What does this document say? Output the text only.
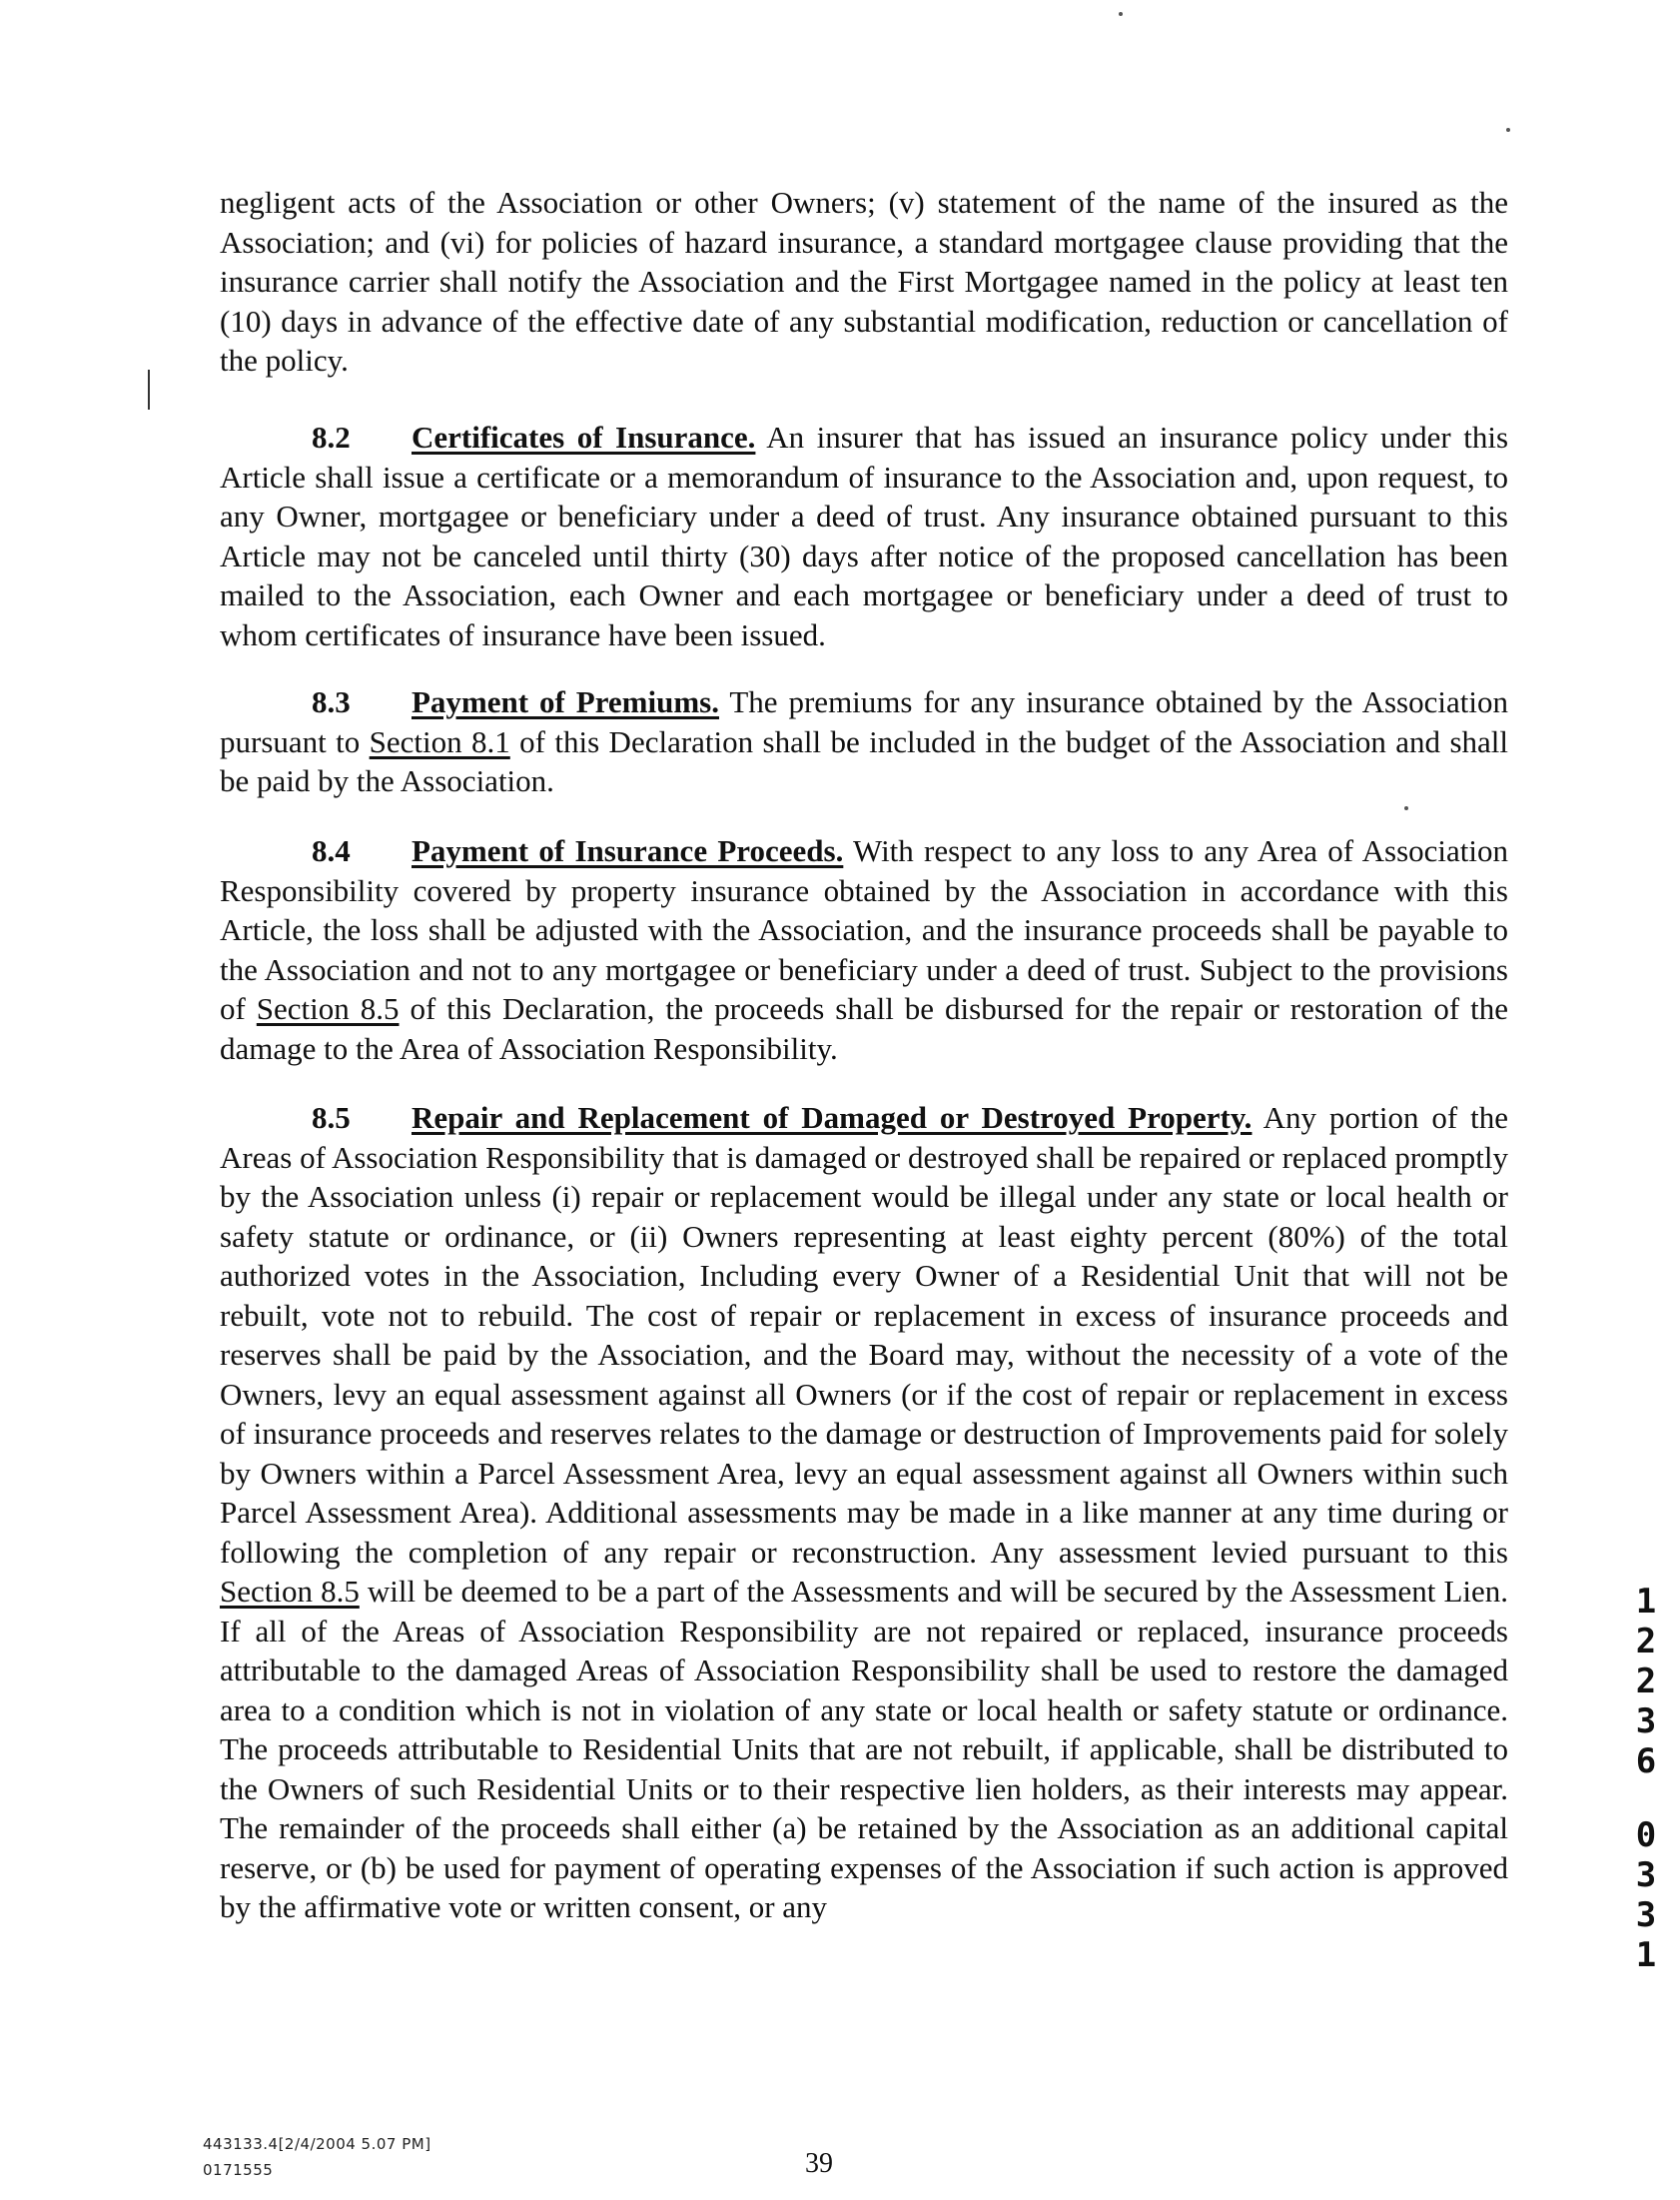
negligent acts of the Association or other Owners; (v) statement of the name of the insured as the Association; and (vi) for policies of hazard insurance, a standard mortgagee clause providing that the insurance carrier shall notify the Association and the First Mortgagee named in the policy at least ten (10) days in advance of the effective date of any substantial modification, reduction or cancellation of the policy.

8.2 Certificates of Insurance. An insurer that has issued an insurance policy under this Article shall issue a certificate or a memorandum of insurance to the Association and, upon request, to any Owner, mortgagee or beneficiary under a deed of trust. Any insurance obtained pursuant to this Article may not be canceled until thirty (30) days after notice of the proposed cancellation has been mailed to the Association, each Owner and each mortgagee or beneficiary under a deed of trust to whom certificates of insurance have been issued.

8.3 Payment of Premiums. The premiums for any insurance obtained by the Association pursuant to Section 8.1 of this Declaration shall be included in the budget of the Association and shall be paid by the Association.

8.4 Payment of Insurance Proceeds. With respect to any loss to any Area of Association Responsibility covered by property insurance obtained by the Association in accordance with this Article, the loss shall be adjusted with the Association, and the insurance proceeds shall be payable to the Association and not to any mortgagee or beneficiary under a deed of trust. Subject to the provisions of Section 8.5 of this Declaration, the proceeds shall be disbursed for the repair or restoration of the damage to the Area of Association Responsibility.

8.5 Repair and Replacement of Damaged or Destroyed Property. Any portion of the Areas of Association Responsibility that is damaged or destroyed shall be repaired or replaced promptly by the Association unless (i) repair or replacement would be illegal under any state or local health or safety statute or ordinance, or (ii) Owners representing at least eighty percent (80%) of the total authorized votes in the Association, Including every Owner of a Residential Unit that will not be rebuilt, vote not to rebuild. The cost of repair or replacement in excess of insurance proceeds and reserves shall be paid by the Association, and the Board may, without the necessity of a vote of the Owners, levy an equal assessment against all Owners (or if the cost of repair or replacement in excess of insurance proceeds and reserves relates to the damage or destruction of Improvements paid for solely by Owners within a Parcel Assessment Area, levy an equal assessment against all Owners within such Parcel Assessment Area). Additional assessments may be made in a like manner at any time during or following the completion of any repair or reconstruction. Any assessment levied pursuant to this Section 8.5 will be deemed to be a part of the Assessments and will be secured by the Assessment Lien. If all of the Areas of Association Responsibility are not repaired or replaced, insurance proceeds attributable to the damaged Areas of Association Responsibility shall be used to restore the damaged area to a condition which is not in violation of any state or local health or safety statute or ordinance. The proceeds attributable to Residential Units that are not rebuilt, if applicable, shall be distributed to the Owners of such Residential Units or to their respective lien holders, as their interests may appear. The remainder of the proceeds shall either (a) be retained by the Association as an additional capital reserve, or (b) be used for payment of operating expenses of the Association if such action is approved by the affirmative vote or written consent, or any

1
2
2
3
6
0
3
3
1
443133.4[2/4/2004 5.07 PM]
0171555	39
